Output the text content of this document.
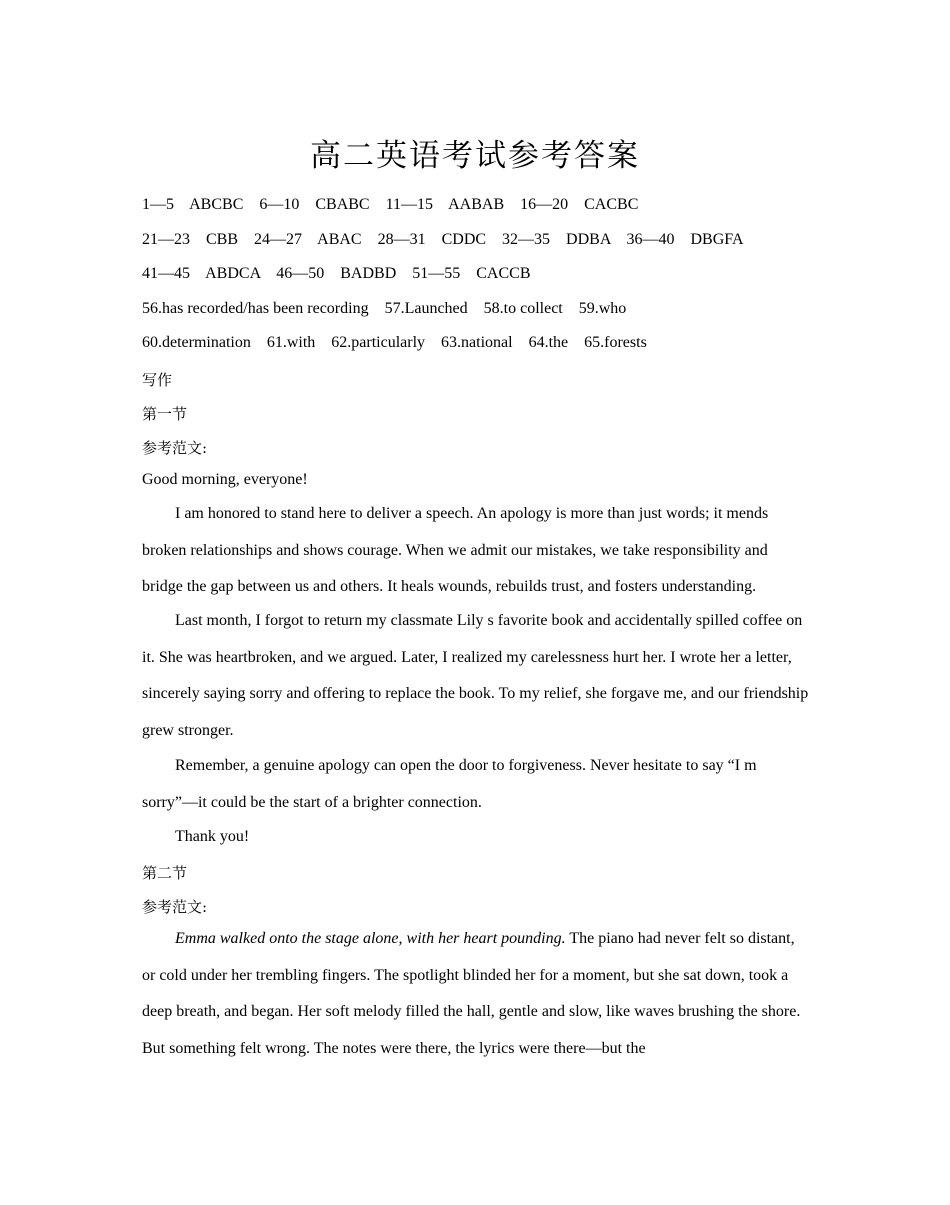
高二英语考试参考答案
1—5    ABCBC    6—10    CBABC    11—15    AABAB    16—20    CACBC
21—23    CBB    24—27    ABAC    28—31    CDDC    32—35    DDBA    36—40    DBGFA
41—45    ABDCA    46—50    BADBD    51—55    CACCB
56.has recorded/has been recording    57.Launched    58.to collect    59.who
60.determination    61.with    62.particularly    63.national    64.the    65.forests
写作
第一节
参考范文:
Good morning, everyone!

I am honored to stand here to deliver a speech. An apology is more than just words; it mends broken relationships and shows courage. When we admit our mistakes, we take responsibility and bridge the gap between us and others. It heals wounds, rebuilds trust, and fosters understanding.

Last month, I forgot to return my classmate Lily s favorite book and accidentally spilled coffee on it. She was heartbroken, and we argued. Later, I realized my carelessness hurt her. I wrote her a letter, sincerely saying sorry and offering to replace the book. To my relief, she forgave me, and our friendship grew stronger.

Remember, a genuine apology can open the door to forgiveness. Never hesitate to say “I m sorry”—it could be the start of a brighter connection.

Thank you!
第二节
参考范文:

Emma walked onto the stage alone, with her heart pounding. The piano had never felt so distant, or cold under her trembling fingers. The spotlight blinded her for a moment, but she sat down, took a deep breath, and began. Her soft melody filled the hall, gentle and slow, like waves brushing the shore. But something felt wrong. The notes were there, the lyrics were there—but the
